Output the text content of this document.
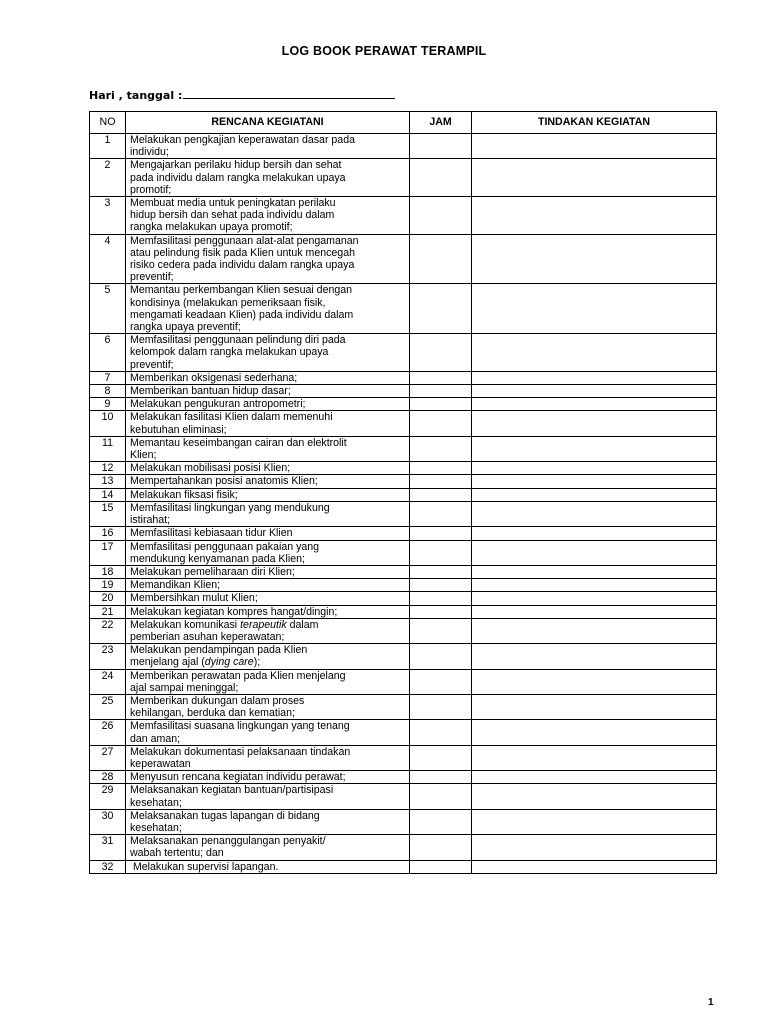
LOG BOOK PERAWAT TERAMPIL
Hari , tanggal :
NO	RENCANA KEGIATANI	JAM	TINDAKAN KEGIATAN
1	Melakukan pengkajian keperawatan dasar pada
individu;		

2	Mengajarkan perilaku hidup bersih dan sehat
pada individu dalam rangka melakukan upaya
promotif;		

3	Membuat media untuk peningkatan perilaku
hidup bersih dan sehat pada individu dalam
rangka melakukan upaya promotif;		

4	Memfasilitasi penggunaan alat-alat pengamanan
atau pelindung fisik pada Klien untuk mencegah
risiko cedera pada individu dalam rangka upaya
preventif;		

5	Memantau perkembangan Klien sesuai dengan
kondisinya (melakukan pemeriksaan fisik,
mengamati keadaan Klien) pada individu dalam
rangka upaya preventif;		

6	Memfasilitasi penggunaan pelindung diri pada
kelompok dalam rangka melakukan upaya
preventif;		

7	Memberikan oksigenasi sederhana;		

8	Memberikan bantuan hidup dasar;		

9	Melakukan pengukuran antropometri;		

10	Melakukan fasilitasi Klien dalam memenuhi
kebutuhan eliminasi;		

11	Memantau keseimbangan cairan dan elektrolit
Klien;		

12	Melakukan mobilisasi posisi Klien;		

13	Mempertahankan posisi anatomis Klien;		

14	Melakukan fiksasi fisik;		

15	Memfasilitasi lingkungan yang mendukung
istirahat;		

16	Memfasilitasi kebiasaan tidur Klien		

17	Memfasilitasi penggunaan pakaian yang
mendukung kenyamanan pada Klien;		

18	Melakukan pemeliharaan diri Klien;		

19	Memandikan Klien;		

20	Membersihkan mulut Klien;		

21	Melakukan kegiatan kompres hangat/dingin;		

22	Melakukan komunikasi terapeutik dalam
pemberian asuhan keperawatan;		

23	Melakukan pendampingan pada Klien
menjelang ajal (dying care);		

24	Memberikan perawatan pada Klien menjelang
ajal sampai meninggal;		

25	Memberikan dukungan dalam proses
kehilangan, berduka dan kematian;		

26	Memfasilitasi suasana lingkungan yang tenang
dan aman;		

27	Melakukan dokumentasi pelaksanaan tindakan
keperawatan		

28	Menyusun rencana kegiatan individu perawat;		

29	Melaksanakan kegiatan bantuan/partisipasi
kesehatan;		

30	Melaksanakan tugas lapangan di bidang
kesehatan;		

31	Melaksanakan penanggulangan penyakit/
wabah tertentu; dan		

32	Melakukan supervisi lapangan.		

1
